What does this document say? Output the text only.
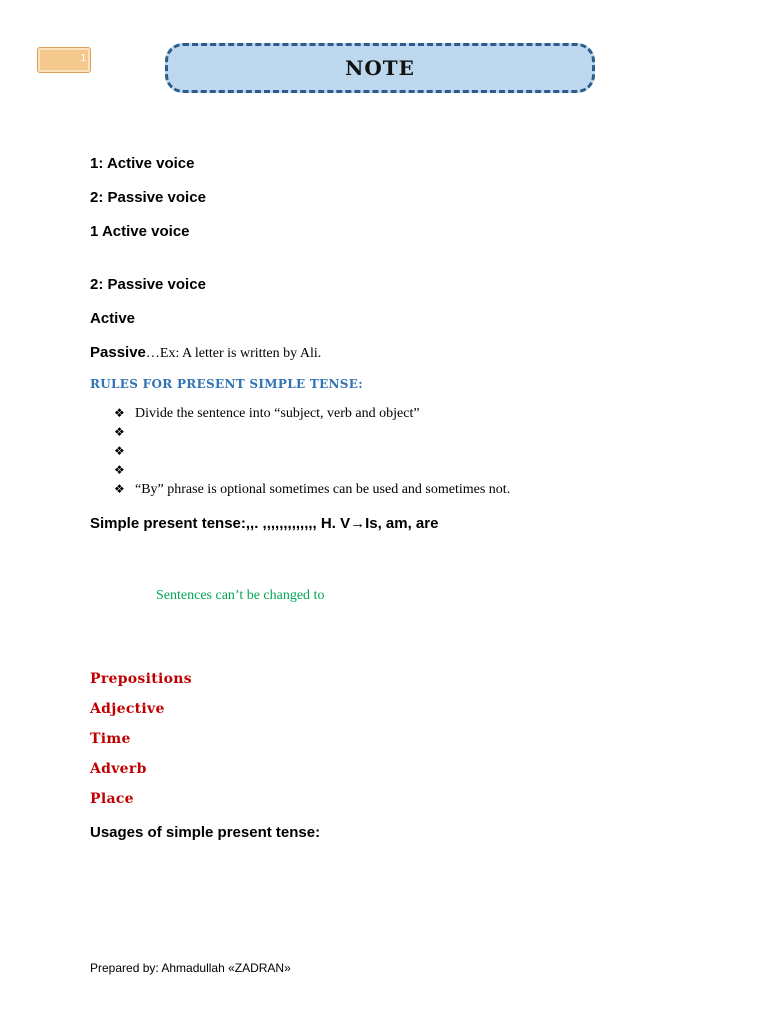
1	NOTE
1: Active voice
2: Passive voice
1 Active voice
2: Passive voice
Active
Passive…Ex: A letter is written by Ali.
RULES FOR PRESENT SIMPLE TENSE:
❖ Divide the sentence into “subject, verb and object”
❖
❖
❖
❖ “By” phrase is optional sometimes can be used and sometimes not.
Simple present tense:,,. ,,,,,,,,,,,,, H. V→Is, am, are
Sentences can’t be changed to
Prepositions
Adjective
Time
Adverb
Place
Usages of simple present tense:
Prepared by: Ahmadullah «ZADRAN»
